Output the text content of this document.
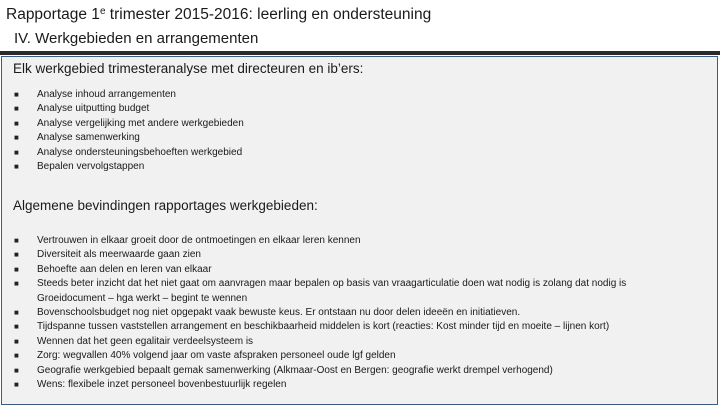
Rapportage 1e trimester 2015-2016: leerling en ondersteuning
IV. Werkgebieden en arrangementen
Elk werkgebied trimesteranalyse met directeuren en ib’ers:
■ Analyse inhoud arrangementen
■ Analyse uitputting budget
■ Analyse vergelijking met andere werkgebieden
■ Analyse samenwerking
■ Analyse ondersteuningsbehoeften werkgebied
■ Bepalen vervolgstappen
Algemene bevindingen rapportages werkgebieden:
■ Vertrouwen in elkaar groeit door de ontmoetingen en elkaar leren kennen
■ Diversiteit als meerwaarde gaan zien
■ Behoefte aan delen en leren van elkaar
■ Steeds beter inzicht dat het niet gaat om aanvragen maar bepalen op basis van vraagarticulatie doen wat nodig is zolang dat nodig is
Groeidocument – hga werkt – begint te wennen
■ Bovenschoolsbudget nog niet opgepakt vaak bewuste keus. Er ontstaan nu door delen ideeën en initiatieven.
■ Tijdspanne tussen vaststellen arrangement en beschikbaarheid middelen is kort (reacties: Kost minder tijd en moeite – lijnen kort)
■ Wennen dat het geen egalitair verdeelsysteem is
■ Zorg: wegvallen 40% volgend jaar om vaste afspraken personeel oude lgf gelden
■ Geografie werkgebied bepaalt gemak samenwerking (Alkmaar-Oost en Bergen: geografie werkt drempel verhogend)
■ Wens: flexibele inzet personeel bovenbestuurlijk regelen
